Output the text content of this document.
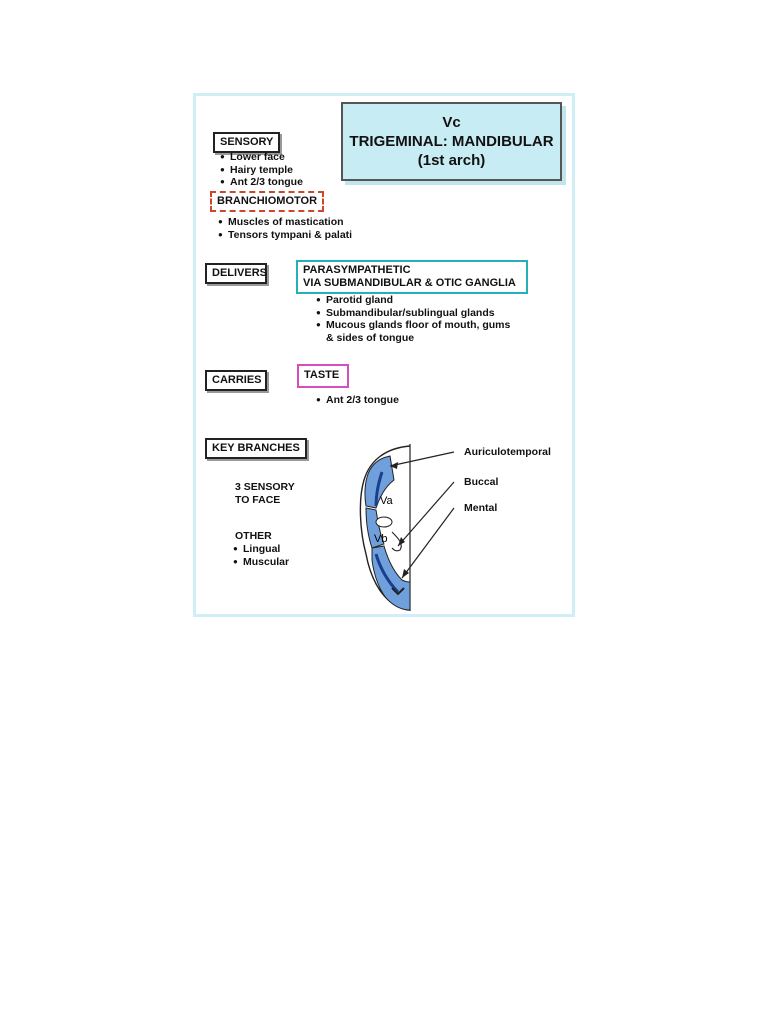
Vc
TRIGEMINAL: MANDIBULAR
(1st arch)
SENSORY
● Lower face
● Hairy temple
● Ant 2/3 tongue
BRANCHIOMOTOR
● Muscles of mastication
● Tensors tympani & palati
DELIVERS	PARASYMPATHETIC
VIA SUBMANDIBULAR & OTIC GANGLIA
● Parotid gland
● Submandibular/sublingual glands
● Mucous glands floor of mouth, gums
& sides of tongue
CARRIES	TASTE
● Ant 2/3 tongue
KEY BRANCHES
3 SENSORY
TO FACE
OTHER
● Lingual
● Muscular
Va
Vb
Auriculotemporal
Buccal
Mental
